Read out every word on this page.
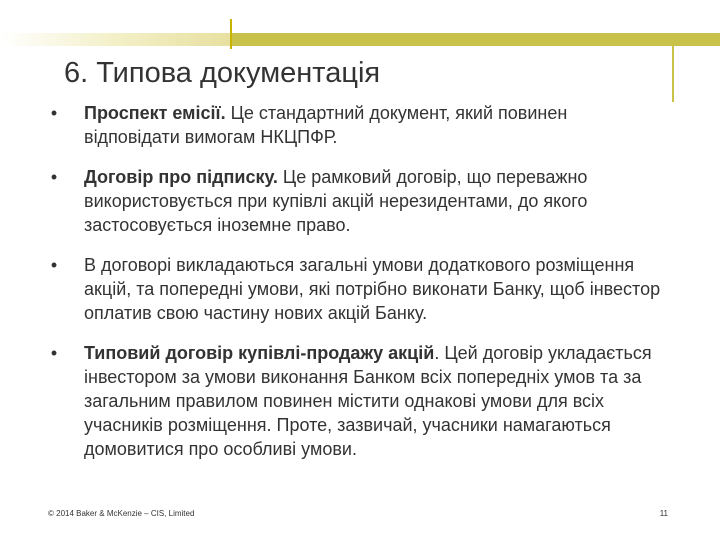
6. Типова документація
• Проспект емісії. Це стандартний документ, який повинен відповідати вимогам НКЦПФР.
• Договір про підписку. Це рамковий договір, що переважно використовується при купівлі акцій нерезидентами, до якого застосовується іноземне право.
• В договорі викладаються загальні умови додаткового розміщення акцій, та попередні умови, які потрібно виконати Банку, щоб інвестор оплатив свою частину нових акцій Банку.
• Типовий договір купівлі-продажу акцій. Цей договір укладається інвестором за умови виконання Банком всіх попередніх умов та за загальним правилом повинен містити однакові умови для всіх учасників розміщення. Проте, зазвичай, учасники намагаються домовитися про особливі умови.
© 2014 Baker & McKenzie – CIS, Limited	11
